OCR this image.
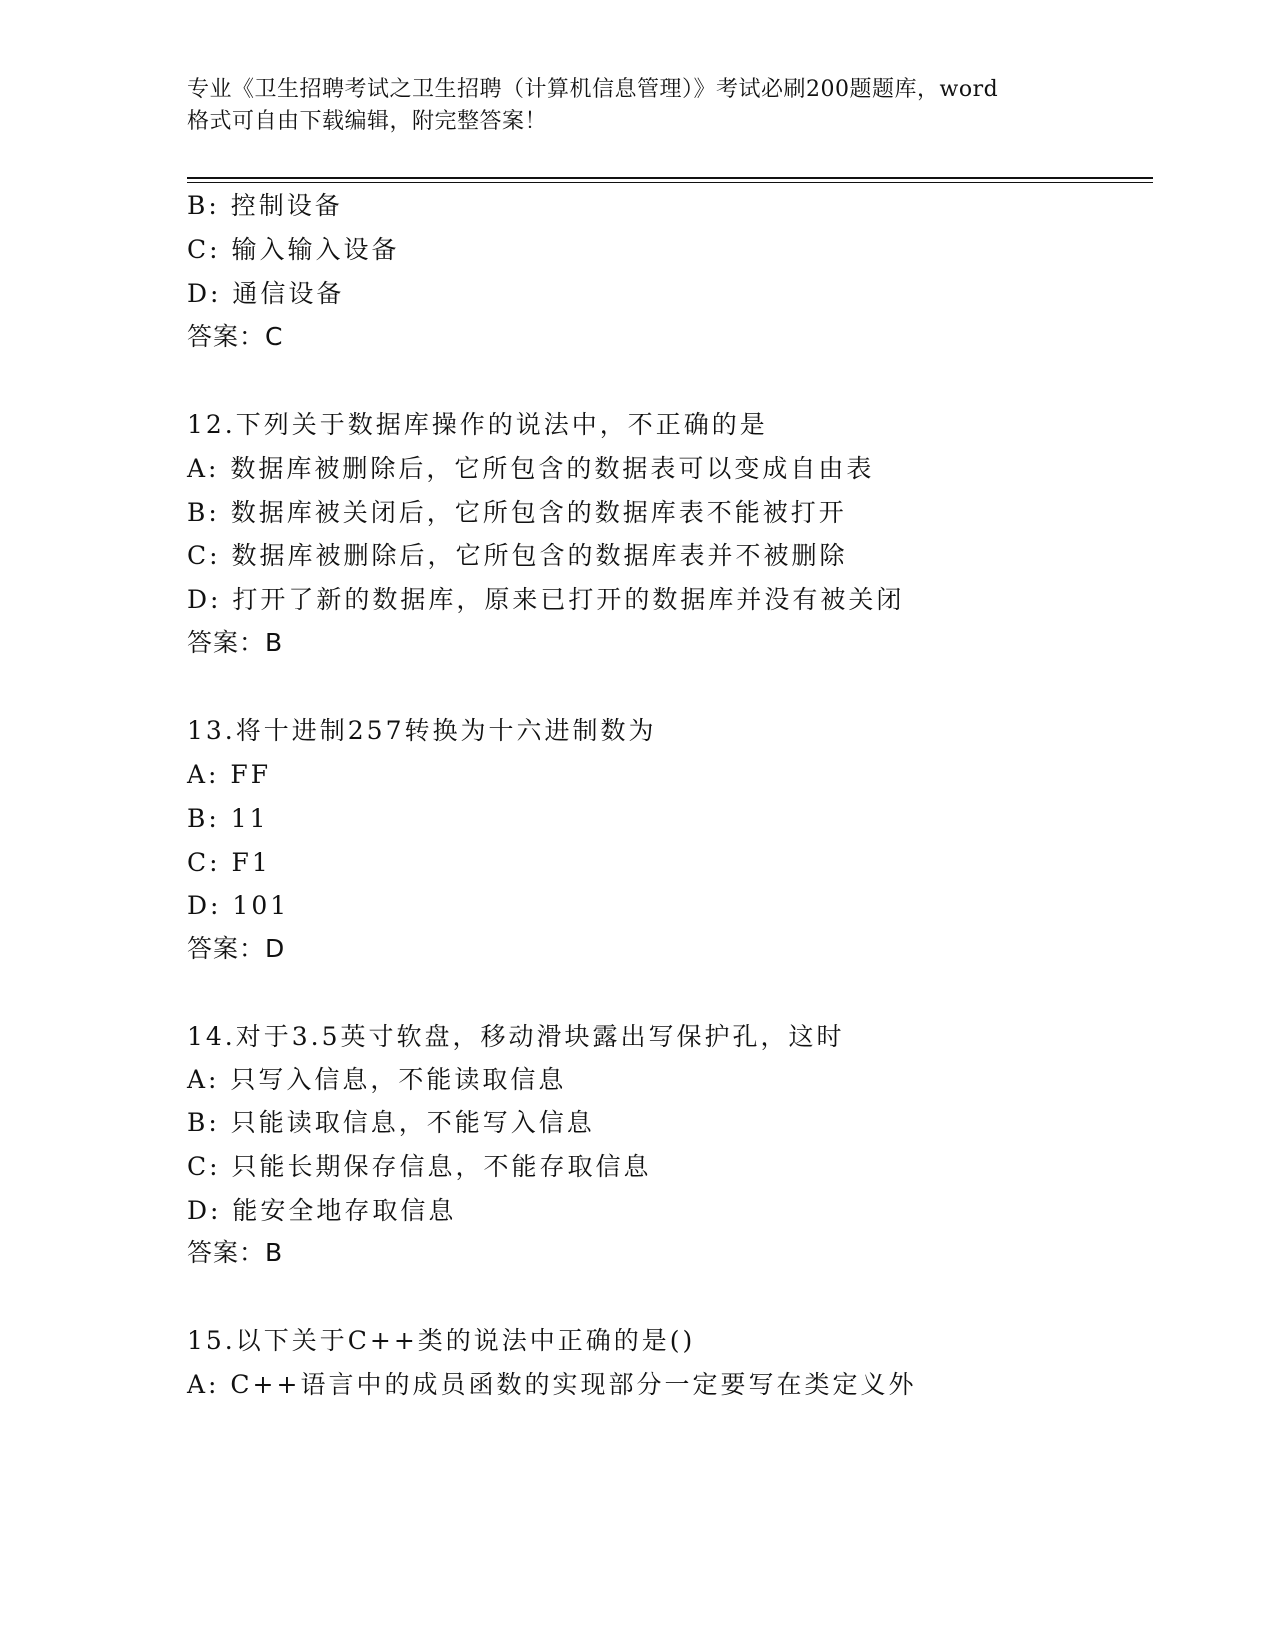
专业《卫生招聘考试之卫生招聘（计算机信息管理）》考试必刷200题题库，word
格式可自由下载编辑，附完整答案！
B: 控制设备
C: 输入输入设备
D: 通信设备
答案：C
12.下列关于数据库操作的说法中，不正确的是
A: 数据库被删除后，它所包含的数据表可以变成自由表
B: 数据库被关闭后，它所包含的数据库表不能被打开
C: 数据库被删除后，它所包含的数据库表并不被删除
D: 打开了新的数据库，原来已打开的数据库并没有被关闭
答案：B
13.将十进制257转换为十六进制数为
A: FF
B: 11
C: F1
D: 101
答案：D
14.对于3.5英寸软盘，移动滑块露出写保护孔，这时
A: 只写入信息，不能读取信息
B: 只能读取信息，不能写入信息
C: 只能长期保存信息，不能存取信息
D: 能安全地存取信息
答案：B
15.以下关于C++类的说法中正确的是()
A: C++语言中的成员函数的实现部分一定要写在类定义外
